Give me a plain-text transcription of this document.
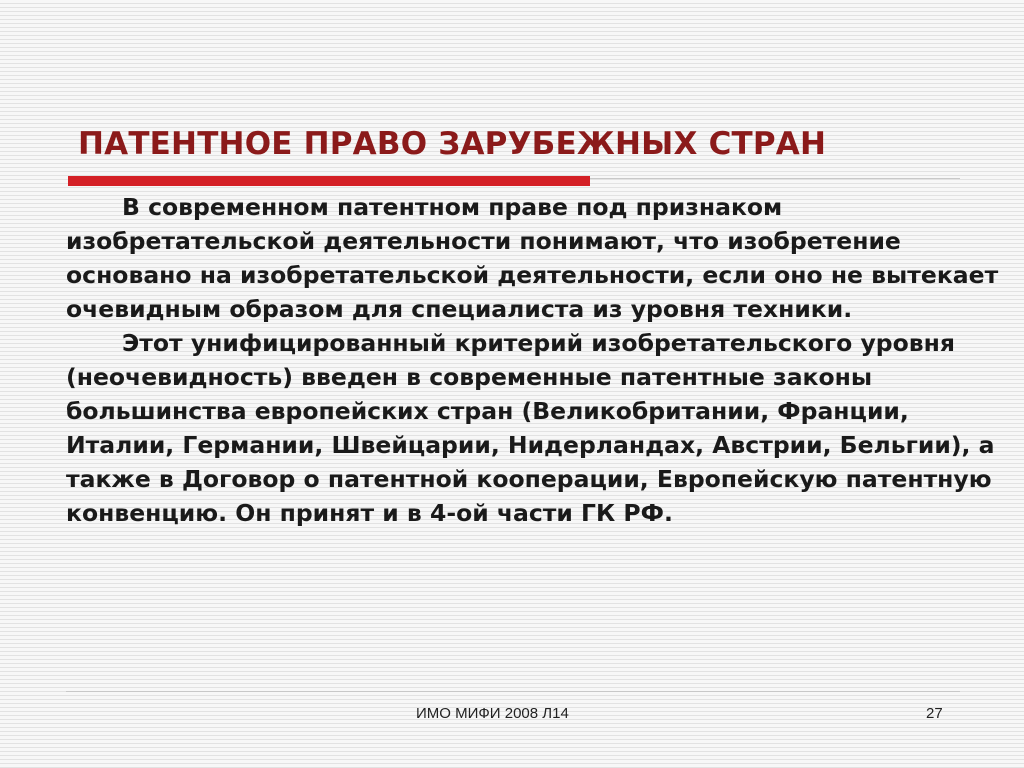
ПАТЕНТНОЕ ПРАВО ЗАРУБЕЖНЫХ СТРАН

В современном патентном праве под признаком изобретательской деятельности понимают, что изобретение основано на изобретательской деятельности, если оно не вытекает очевидным образом для специалиста из уровня техники.

Этот унифицированный критерий изобретательского уровня (неочевидность) введен в современные патентные законы большинства европейских стран (Великобритании, Франции, Италии, Германии, Швейцарии, Нидерландах, Австрии, Бельгии), а также в Договор о патентной кооперации, Европейскую патентную конвенцию. Он принят и в 4-ой части ГК РФ.

ИМО МИФИ 2008 Л14	27
